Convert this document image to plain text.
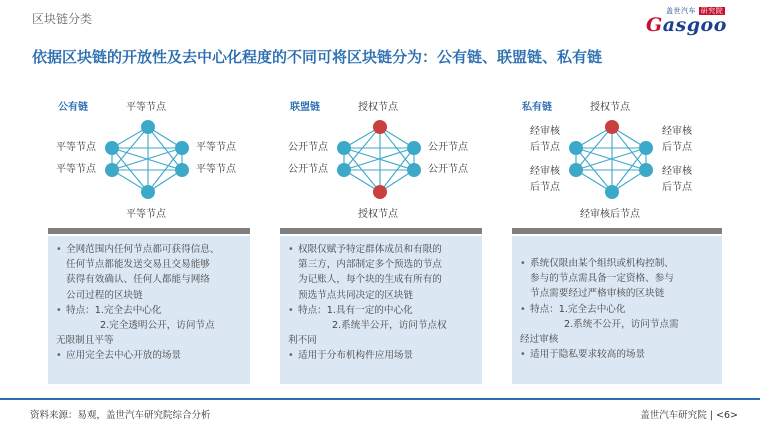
区块链分类
盖世汽车 研究院
Gasgoo
依据区块链的开放性及去中心化程度的不同可将区块链分为：公有链、联盟链、私有链
公有链	平等节点
平等节点
平等节点
平等节点
平等节点
平等节点
联盟链	授权节点
公开节点
公开节点
公开节点
公开节点
授权节点
私有链	授权节点
经审核
后节点
经审核
后节点
经审核
后节点
经审核
后节点
经审核后节点
• 全网范围内任何节点都可获得信息、
任何节点都能发送交易且交易能够
获得有效确认、任何人都能与网络
公司过程的区块链
• 特点：1.完全去中心化
2.完全透明公开，访问节点
无限制且平等
• 应用完全去中心开放的场景
• 权限仅赋予特定群体成员和有限的
第三方，内部制定多个预选的节点
为记账人，每个块的生成有所有的
预选节点共同决定的区块链
• 特点：1.具有一定的中心化
2.系统半公开，访问节点权
利不同
• 适用于分布机构件应用场景
• 系统仅限由某个组织或机构控制、
参与的节点需具备一定资格、参与
节点需要经过严格审核的区块链
• 特点：1.完全去中心化
2.系统不公开，访问节点需
经过审核
• 适用于隐私要求较高的场景
资料来源：易观，盖世汽车研究院综合分析	盖世汽车研究院 | <6>
